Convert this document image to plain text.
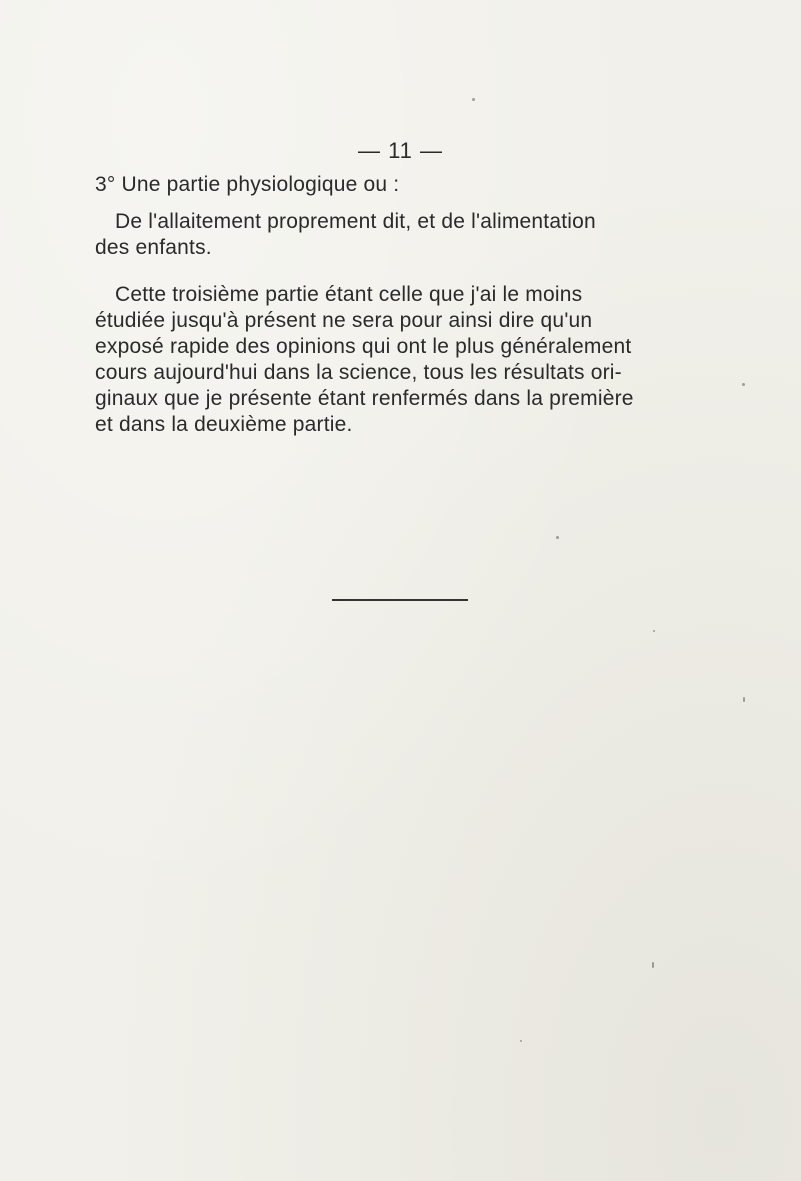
— 11 —
3° Une partie physiologique ou :
De l'allaitement proprement dit, et de l'alimentation
des enfants.
Cette troisième partie étant celle que j'ai le moins
étudiée jusqu'à présent ne sera pour ainsi dire qu'un
exposé rapide des opinions qui ont le plus généralement
cours aujourd'hui dans la science, tous les résultats ori-
ginaux que je présente étant renfermés dans la première
et dans la deuxième partie.
